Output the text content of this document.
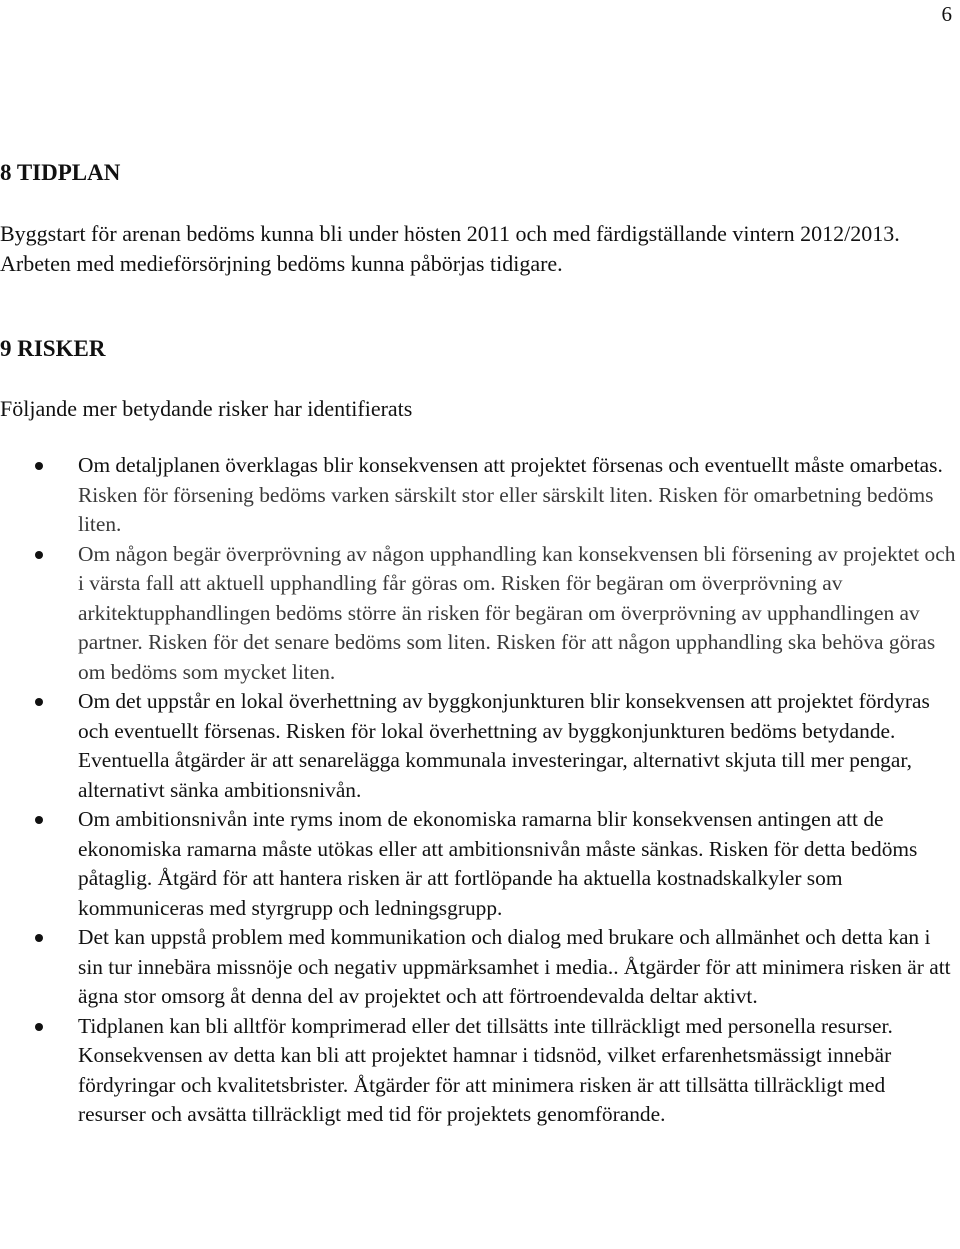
6
8 TIDPLAN

Byggstart för arenan bedöms kunna bli under hösten 2011 och med färdigställande vintern 2012/2013. Arbeten med medieförsörjning bedöms kunna påbörjas tidigare.

9 RISKER

Följande mer betydande risker har identifierats

Om detaljplanen överklagas blir konsekvensen att projektet försenas och eventuellt måste omarbetas. Risken för försening bedöms varken särskilt stor eller särskilt liten. Risken för omarbetning bedöms liten.
Om någon begär överprövning av någon upphandling kan konsekvensen bli försening av projektet och i värsta fall att aktuell upphandling får göras om. Risken för begäran om överprövning av arkitektupphandlingen bedöms större än risken för begäran om överprövning av upphandlingen av partner. Risken för det senare bedöms som liten. Risken för att någon upphandling ska behöva göras om bedöms som mycket liten.
Om det uppstår en lokal överhettning av byggkonjunkturen blir konsekvensen att projektet fördyras och eventuellt försenas. Risken för lokal överhettning av byggkonjunkturen bedöms betydande. Eventuella åtgärder är att senarelägga kommunala investeringar, alternativt skjuta till mer pengar, alternativt sänka ambitionsnivån.
Om ambitionsnivån inte ryms inom de ekonomiska ramarna blir konsekvensen antingen att de ekonomiska ramarna måste utökas eller att ambitionsnivån måste sänkas. Risken för detta bedöms påtaglig. Åtgärd för att hantera risken är att fortlöpande ha aktuella kostnadskalkyler som kommuniceras med styrgrupp och ledningsgrupp.
Det kan uppstå problem med kommunikation och dialog med brukare och allmänhet och detta kan i sin tur innebära missnöje och negativ uppmärksamhet i media.. Åtgärder för att minimera risken är att ägna stor omsorg åt denna del av projektet och att förtroendevalda deltar aktivt.
Tidplanen kan bli alltför komprimerad eller det tillsätts inte tillräckligt med personella resurser. Konsekvensen av detta kan bli att projektet hamnar i tidsnöd, vilket erfarenhetsmässigt innebär fördyringar och kvalitetsbrister. Åtgärder för att minimera risken är att tillsätta tillräckligt med resurser och avsätta tillräckligt med tid för projektets genomförande.
